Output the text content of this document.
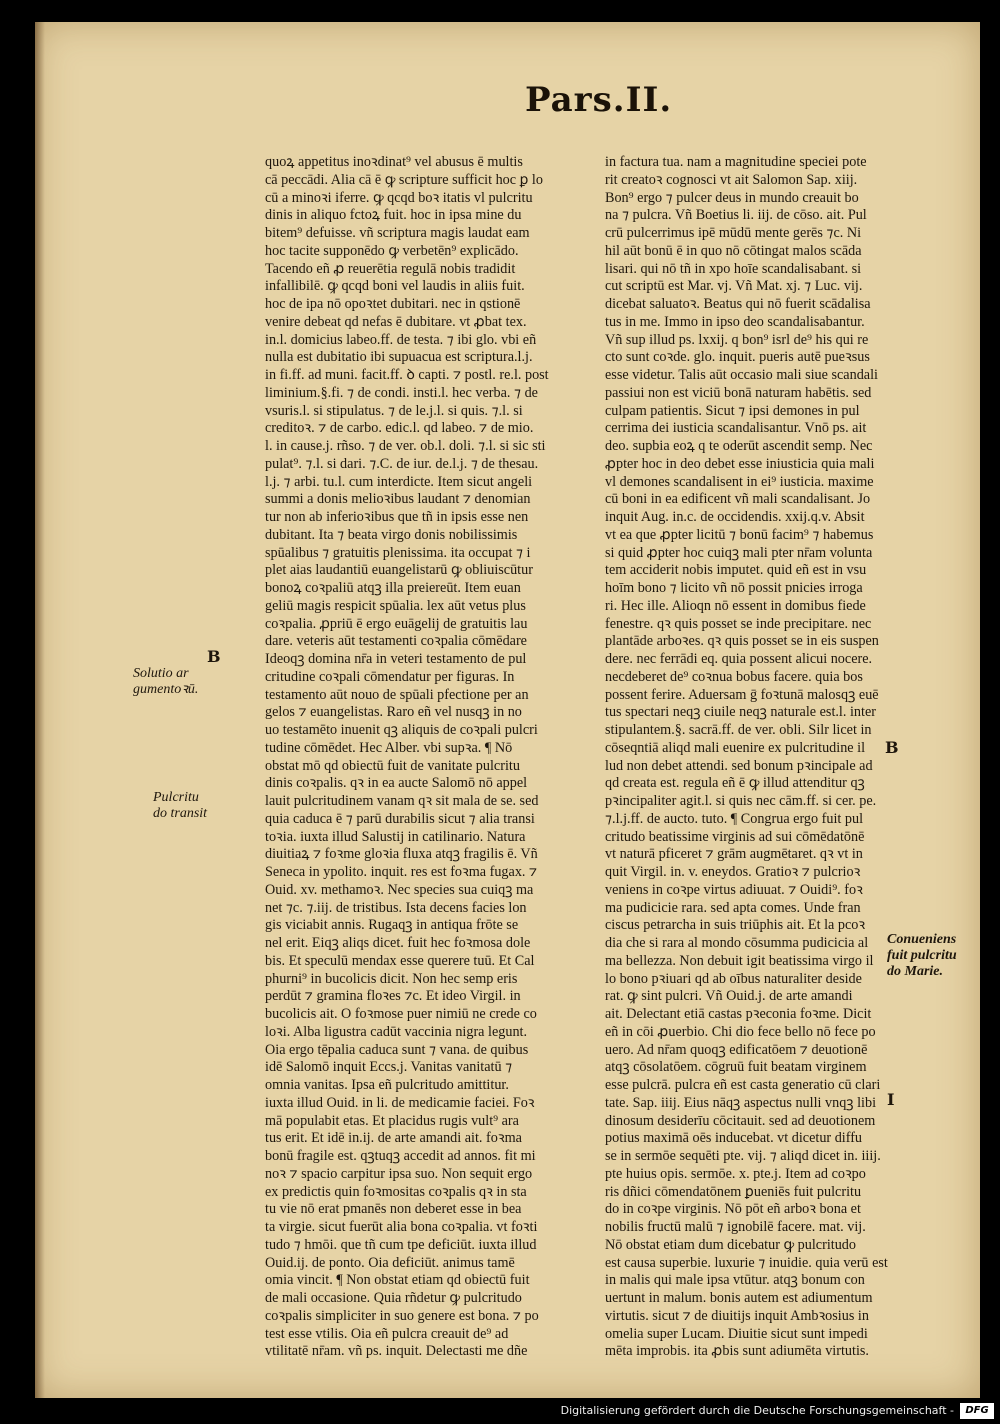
Pars.II.
quoꝝ appetitus inoꝛdinat⁹ vel abusus ē multis
cā peccādi. Alia cā ē ꝙ scripture sufficit hoc ꝑ lo
cū a minoꝛi iferre. ꝙ qcqd boꝛ itatis vl pulcritu
dinis in aliquo fctoꝝ fuit. hoc in ipsa mine du
bitem⁹ defuisse. vñ scriptura magis laudat eam
hoc tacite supponēdo ꝙ verbetēn⁹ explicādo.
Tacendo eñ ꝓ reuerētia regulā nobis tradidit
infallibilē. ꝙ qcqd boni vel laudis in aliis fuit.
hoc de ipa nō opoꝛtet dubitari. nec in qstionē
venire debeat qd nefas ē dubitare. vt ꝓbat tex.
in.l. domicius labeo.ff. de testa. ⁊ ibi glo. vbi eñ
nulla est dubitatio ibi supuacua est scriptura.l.j.
in fi.ff. ad muni. facit.ff. ꝺ capti. ⁊ postl. re.l. post
liminium.§.fi. ⁊ de condi. insti.l. hec verba. ⁊ de
vsuris.l. si stipulatus. ⁊ de le.j.l. si quis. ⁊.l. si
creditoꝛ. ⁊ de carbo. edic.l. qd labeo. ⁊ de mio.
l. in cause.j. rñso. ⁊ de ver. ob.l. doli. ⁊.l. si sic sti
pulat⁹. ⁊.l. si dari. ⁊.C. de iur. de.l.j. ⁊ de thesau.
l.j. ⁊ arbi. tu.l. cum interdicte. Item sicut angeli
summi a donis melioꝛibus laudant ⁊ denomian
tur non ab inferioꝛibus que tñ in ipsis esse nen
dubitant. Ita ⁊ beata virgo donis nobilissimis
spūalibus ⁊ gratuitis plenissima. ita occupat ⁊ i
plet aias laudantiū euangelistarū ꝙ obliuiscūtur
bonoꝝ coꝛpaliū atqꝫ illa preiereūt. Item euan
geliū magis respicit spūalia. lex aūt vetus plus
coꝛpalia. ꝓpriū ē ergo euāgelij de gratuitis lau
dare. veteris aūt testamenti coꝛpalia cōmēdare
Ideoqꝫ domina nr̄a in veteri testamento de pul
critudine coꝛpali cōmendatur per figuras. In
testamento aūt nouo de spūali pfectione per an
gelos ⁊ euangelistas. Raro eñ vel nusqꝫ in no
uo testamēto inuenit qꝫ aliquis de coꝛpali pulcri
tudine cōmēdet. Hec Alber. vbi supꝛa. ¶ Nō
obstat mō qd obiectū fuit de vanitate pulcritu
dinis coꝛpalis. qꝛ in ea aucte Salomō nō appel
lauit pulcritudinem vanam qꝛ sit mala de se. sed
quia caduca ē ⁊ parū durabilis sicut ⁊ alia transi
toꝛia. iuxta illud Salustij in catilinario. Natura
diuitiaꝝ ⁊ foꝛme gloꝛia fluxa atqꝫ fragilis ē. Vñ
Seneca in ypolito. inquit. res est foꝛma fugax. ⁊
Ouid. xv. methamoꝛ. Nec species sua cuiqꝫ ma
net ⁊c. ⁊.iij. de tristibus. Ista decens facies lon
gis viciabit annis. Rugaqꝫ in antiqua frōte se
nel erit. Eiqꝫ aliqs dicet. fuit hec foꝛmosa dole
bis. Et speculū mendax esse querere tuū. Et Cal
phurni⁹ in bucolicis dicit. Non hec semp eris
perdūt ⁊ gramina floꝛes ⁊c. Et ideo Virgil. in
bucolicis ait. O foꝛmose puer nimiū ne crede co
loꝛi. Alba ligustra cadūt vaccinia nigra legunt.
Oia ergo tēpalia caduca sunt ⁊ vana. de quibus
idē Salomō inquit Eccs.j. Vanitas vanitatū ⁊
omnia vanitas. Ipsa eñ pulcritudo amittitur.
iuxta illud Ouid. in li. de medicamie faciei. Foꝛ
mā populabit etas. Et placidus rugis vult⁹ ara
tus erit. Et idē in.ij. de arte amandi ait. foꝛma
bonū fragile est. qꝫtuqꝫ accedit ad annos. fit mi
noꝛ ⁊ spacio carpitur ipsa suo. Non sequit ergo
ex predictis quin foꝛmositas coꝛpalis qꝛ in sta
tu vie nō erat pmanēs non deberet esse in bea
ta virgie. sicut fuerūt alia bona coꝛpalia. vt foꝛti
tudo ⁊ hmōi. que tñ cum tpe deficiūt. iuxta illud
Ouid.ij. de ponto. Oia deficiūt. animus tamē
omia vincit. ¶ Non obstat etiam qd obiectū fuit
de mali occasione. Quia rñdetur ꝙ pulcritudo
coꝛpalis simpliciter in suo genere est bona. ⁊ po
test esse vtilis. Oia eñ pulcra creauit de⁹ ad
vtilitatē nr̄am. vñ ps. inquit. Delectasti me dñe
in factura tua. nam a magnitudine speciei pote
rit creatoꝛ cognosci vt ait Salomon Sap. xiij.
Bon⁹ ergo ⁊ pulcer deus in mundo creauit bo
na ⁊ pulcra. Vñ Boetius li. iij. de cōso. ait. Pul
crū pulcerrimus ipē mūdū mente gerēs ⁊c. Ni
hil aūt bonū ē in quo nō cōtingat malos scāda
lisari. qui nō tñ in xpo hoīe scandalisabant. si
cut scriptū est Mar. vj. Vñ Mat. xj. ⁊ Luc. vij.
dicebat saluatoꝛ. Beatus qui nō fuerit scādalisa
tus in me. Immo in ipso deo scandalisabantur.
Vñ sup illud ps. lxxij. q bon⁹ isrl de⁹ his qui re
cto sunt coꝛde. glo. inquit. pueris autē pueꝛsus
esse videtur. Talis aūt occasio mali siue scandali
passiui non est viciū bonā naturam habētis. sed
culpam patientis. Sicut ⁊ ipsi demones in pul
cerrima dei iusticia scandalisantur. Vnō ps. ait
deo. supbia eoꝝ q te oderūt ascendit semp. Nec
ꝓpter hoc in deo debet esse iniusticia quia mali
vl demones scandalisent in ei⁹ iusticia. maxime
cū boni in ea edificent vñ mali scandalisant. Jo
inquit Aug. in.c. de occidendis. xxij.q.v. Absit
vt ea que ꝓpter licitū ⁊ bonū facim⁹ ⁊ habemus
si quid ꝓpter hoc cuiqꝫ mali pter nr̄am volunta
tem acciderit nobis imputet. quid eñ est in vsu
hoīm bono ⁊ licito vñ nō possit pnicies irroga
ri. Hec ille. Alioqn nō essent in domibus fiede
fenestre. qꝛ quis posset se inde precipitare. nec
plantāde arboꝛes. qꝛ quis posset se in eis suspen
dere. nec ferrādi eq. quia possent alicui nocere.
necdeberet de⁹ coꝛnua bobus facere. quia bos
possent ferire. Aduersam ḡ foꝛtunā malosqꝫ euē
tus spectari neqꝫ ciuile neqꝫ naturale est.l. inter
stipulantem.§. sacrā.ff. de ver. obli. Silr licet in
cōseqntiā aliqd mali euenire ex pulcritudine il
lud non debet attendi. sed bonum pꝛincipale ad
qd creata est. regula eñ ē ꝙ illud attenditur qꝫ
pꝛincipaliter agit.l. si quis nec cām.ff. si cer. pe.
⁊.l.j.ff. de aucto. tuto. ¶ Congrua ergo fuit pul
critudo beatissime virginis ad sui cōmēdatōnē
vt naturā pficeret ⁊ grām augmētaret. qꝛ vt in
quit Virgil. in. v. eneydos. Gratioꝛ ⁊ pulcrioꝛ
veniens in coꝛpe virtus adiuuat. ⁊ Ouidi⁹. foꝛ
ma pudicicie rara. sed apta comes. Unde fran
ciscus petrarcha in suis triūphis ait. Et la pcoꝛ
dia che si rara al mondo cōsumma pudicicia al
ma bellezza. Non debuit igit beatissima virgo il
lo bono pꝛiuari qd ab oībus naturaliter deside
rat. ꝙ sint pulcri. Vñ Ouid.j. de arte amandi
ait. Delectant etiā castas pꝛeconia foꝛme. Dicit
eñ in cōi ꝓuerbio. Chi dio fece bello nō fece po
uero. Ad nr̄am quoqꝫ edificatōem ⁊ deuotionē
atqꝫ cōsolatōem. cōgruū fuit beatam virginem
esse pulcrā. pulcra eñ est casta generatio cū clari
tate. Sap. iiij. Eius nāqꝫ aspectus nulli vnqꝫ libi
dinosum desiderīu cōcitauit. sed ad deuotionem
potius maximā oēs inducebat. vt dicetur diffu
se in sermōe sequēti pte. vij. ⁊ aliqd dicet in. iiij.
pte huius opis. sermōe. x. pte.j. Item ad coꝛpo
ris dñici cōmendatōnem ꝑueniēs fuit pulcritu
do in coꝛpe virginis. Nō pōt eñ arboꝛ bona et
nobilis fructū malū ⁊ ignobilē facere. mat. vij.
Nō obstat etiam dum dicebatur ꝙ pulcritudo
est causa superbie. luxurie ⁊ inuidie. quia verū est
in malis qui male ipsa vtūtur. atqꝫ bonum con
uertunt in malum. bonis autem est adiumentum
virtutis. sicut ⁊ de diuitijs inquit Ambꝛosius in
omelia super Lucam. Diuitie sicut sunt impedi
mēta improbis. ita ꝓbis sunt adiumēta virtutis.
B
Solutio ar
gumentoꝛū.
Pulcritu
do transit
B
Conueniens
fuit pulcritu
do Marie.
I
Digitalisierung gefördert durch die Deutsche Forschungsgemeinschaft -	DFG
